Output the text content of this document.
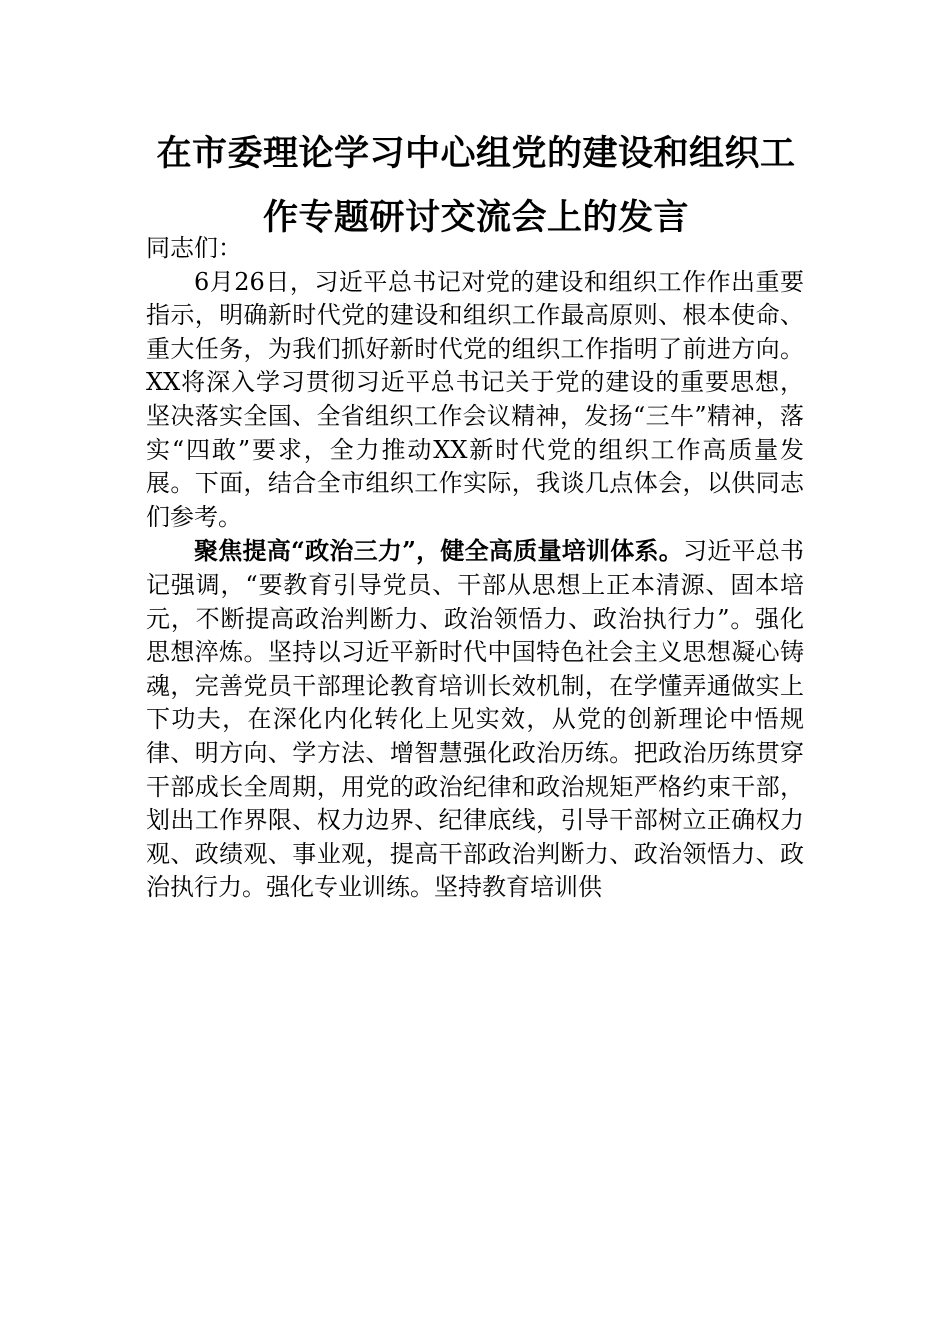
在市委理论学习中心组党的建设和组织工
作专题研讨交流会上的发言

同志们：

6月26日，习近平总书记对党的建设和组织工作作出重要指示，明确新时代党的建设和组织工作最高原则、根本使命、重大任务，为我们抓好新时代党的组织工作指明了前进方向。XX将深入学习贯彻习近平总书记关于党的建设的重要思想，坚决落实全国、全省组织工作会议精神，发扬“三牛”精神，落实“四敢”要求，全力推动XX新时代党的组织工作高质量发展。下面，结合全市组织工作实际，我谈几点体会，以供同志们参考。

聚焦提高“政治三力”，健全高质量培训体系。习近平总书记强调，“要教育引导党员、干部从思想上正本清源、固本培元，不断提高政治判断力、政治领悟力、政治执行力”。强化思想淬炼。坚持以习近平新时代中国特色社会主义思想凝心铸魂，完善党员干部理论教育培训长效机制，在学懂弄通做实上下功夫，在深化内化转化上见实效，从党的创新理论中悟规律、明方向、学方法、增智慧强化政治历练。把政治历练贯穿干部成长全周期，用党的政治纪律和政治规矩严格约束干部，划出工作界限、权力边界、纪律底线，引导干部树立正确权力观、政绩观、事业观，提高干部政治判断力、政治领悟力、政治执行力。强化专业训练。坚持教育培训供
